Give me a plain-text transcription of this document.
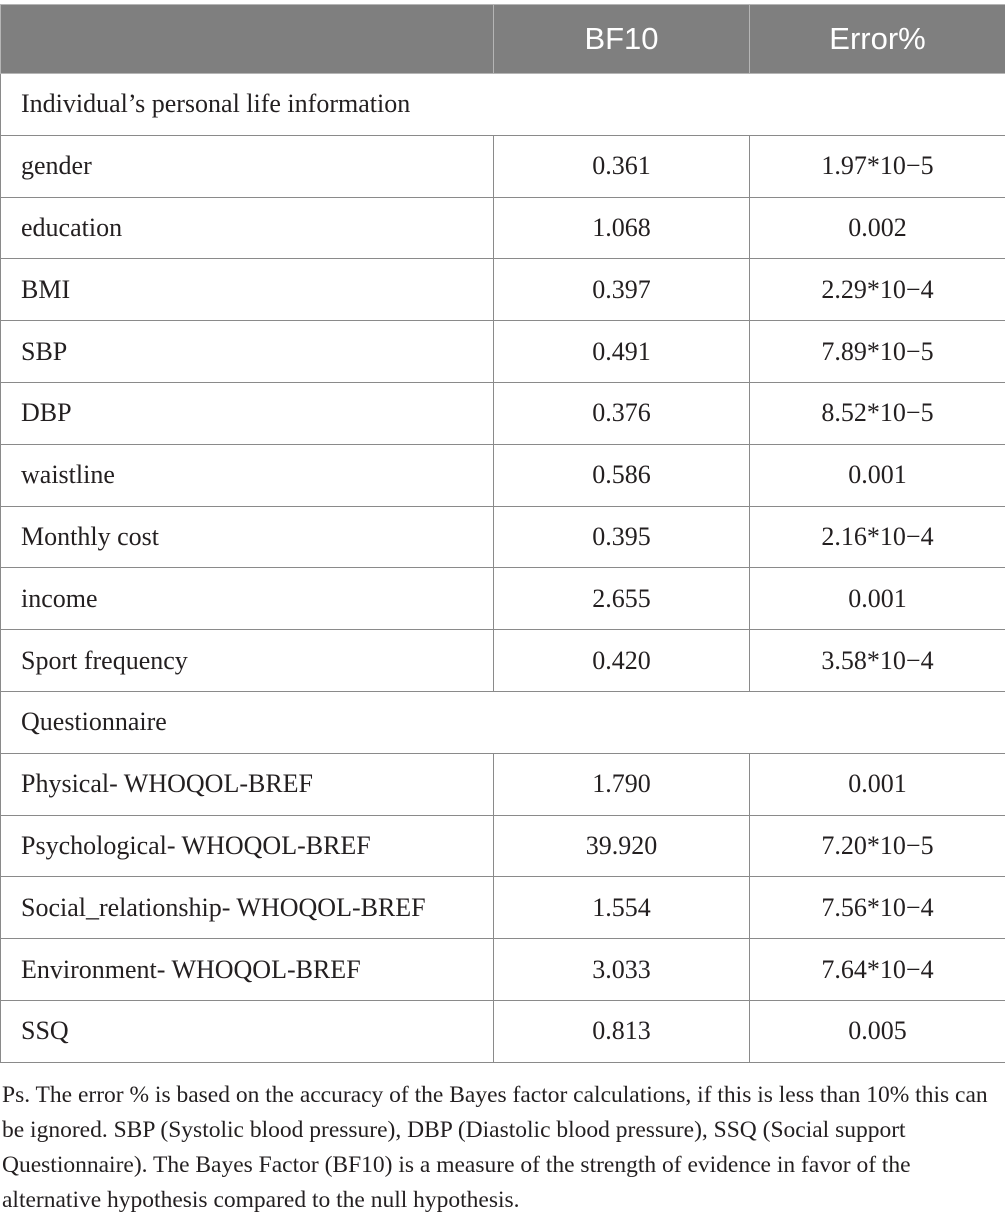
	BF10	Error%
Individual’s personal life information		
gender	0.361	1.97*10−5
education	1.068	0.002
BMI	0.397	2.29*10−4
SBP	0.491	7.89*10−5
DBP	0.376	8.52*10−5
waistline	0.586	0.001
Monthly cost	0.395	2.16*10−4
income	2.655	0.001
Sport frequency	0.420	3.58*10−4
Questionnaire		
Physical- WHOQOL-BREF	1.790	0.001
Psychological- WHOQOL-BREF	39.920	7.20*10−5
Social_relationship- WHOQOL-BREF	1.554	7.56*10−4
Environment- WHOQOL-BREF	3.033	7.64*10−4
SSQ	0.813	0.005

Ps. The error % is based on the accuracy of the Bayes factor calculations, if this is less than 10% this can be ignored. SBP (Systolic blood pressure), DBP (Diastolic blood pressure), SSQ (Social support Questionnaire). The Bayes Factor (BF10) is a measure of the strength of evidence in favor of the alternative hypothesis compared to the null hypothesis.
